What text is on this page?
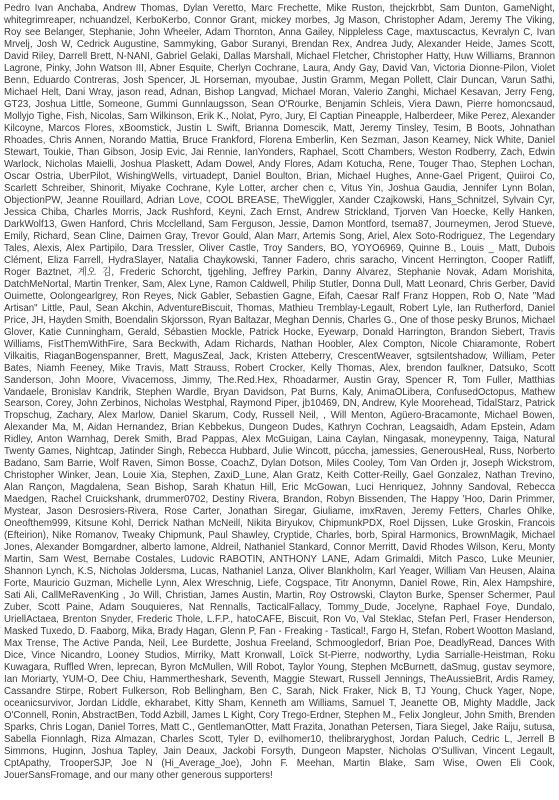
Pedro Ivan Anchaba, Andrew Thomas, Dylan Veretto, Marc Frechette, Mike Ruston, thejckrbbt, Sam Dunton, GameNight, whitegrimreaper, nchuandzel, KerboKerbo, Connor Grant, mickey morbes, Jg Mason, Christopher Adam, Jeremy The Viking, Roy see Belanger, Stephanie, John Wheeler, Adam Thornton, Anna Gailey, Nippleless Cage, maxtuscactus, Kevralyn C, Ivan Mrvelj, Josh W, Cedrick Augustine, Sammyking, Gabor Suranyi, Brendan Rex, Andrea Judy, Alexander Heide, James Scott, David Riley, Darrell Brett, N-NANI, Gabriel Gelaki, Dallas Marshall, Michael Fletcher, Christopher Hatty, Huw Williams, Brannon Lagrone, Pinky, John Watson III, Abner Esquite, Cherlyn Cochrane, Laura, Andy Gay, David Van, Victoria Dionne-Pilon, Violet Benn, Eduardo Contreras, Josh Spencer, JL Horseman, myoubae, Justin Gramm, Megan Pollett, Clair Duncan, Varun Sathi, Michael Helt, Dani Wray, jason read, Adnan, Bishop Langvad, Michael Moran, Valerio Zanghi, Michael Kesavan, Jerry Feng, GT23, Joshua Little, Someone, Gummi Gunnlaugsson, Sean O'Rourke, Benjamin Schleis, Viera Dawn, Pierre homoncsaud, Mollyjo Tighe, Fish, Nicolas, Sam Wilkinson, Erik K., Nolat, Pyro, Jury, El Captian Pineapple, Halberdeer, Mike Perez, Alexander Kilcoyne, Marcos Flores, xBoomstick, Justin L Swift, Brianna Domescik, Matt, Jeremy Tinsley, Tesim, B Boots, Johnathan Rhoades, Chris Annen, Norando Mattia, Bruce Frankford, Florena Emberlin, Ken Sezman, Jason Kearney, Nick White, Daniel Stewart, Toukie, Than Gibson, Josip Evic, Jai Rennie, IanYonders, Raphael, Scott Chambers, Weston Rodberry, Zach, Edwin Warlock, Nicholas Maielli, Joshua Plaskett, Adam Dowel, Andy Flores, Adam Kotucha, Rene, Touger Thao, Stephen Lochan, Oscar Ostria, UberPilot, WishingWells, virtuadept, Daniel Boulton, Brian, Michael Hughes, Anne-Gael Prigent, Quiiroi Co, Scarlett Schreiber, Shinorit, Miyake Cochrane, Kyle Lotter, archer chen c, Vitus Yin, Joshua Gaudia, Jennifer Lynn Bolan, ObjectionPW, Jeanne Rouillard, Adrian Love, COOL BREASE, TheWiggler, Xander Czajkowski, Hans_Schnitzel, Sylvain Cyr, Jessica Chiba, Charles Morris, Jack Rushford, Keyni, Zach Ernst, Andrew Strickland, Tjorven Van Hoecke, Kelly Hanken, DarkWolf13, Gwen Hanford, Chris Mcclelland, Sam Ferguson, Jessie, Damon Montford, tsema87, Journeymen, Jerod Stueve, Emily, Richard, Sean Cline, Daimen Gray, Trevor Gould, Alan Marr, Artemis Song, Ariel, Alex Soto-Rodriguez, The Legendary Tales, Alexis, Alex Partipilo, Dara Tressler, Oliver Castle, Troy Sanders, BO, YOYO6969, Quinne B., Louis _ Matt, Dubois Clément, Eliza Farrell, HydraSlayer, Natalia Chaykowski, Tanner Fadero, chris saracho, Vincent Herrington, Cooper Ratliff, Roger Baztnet, 계오 김, Frederic Schorcht, tjgehling, Jeffrey Parkin, Danny Alvarez, Stephanie Novak, Adam Morishita, DatchMeNortal, Martin Trenker, Sam, Alex Lyne, Ramon Caldwell, Philip Stutler, Donna Dull, Matt Leonard, Chris Gerber, David Ouimette, Oolongearlgrey, Ron Reyes, Nick Gabler, Sebastien Gagne, Eifah, Caesar Ralf Franz Hoppen, Rob O, Nate "Mad Artisan" Little, Paul, Sean Akchin, AdventureBiscuit, Thomas, Mathieu Tremblay-Legault, Robert Lyle, Ian Rutherford, Daniel Price, JH, Hayden Smith, Boendalin Skjorsson, Ryan Baltazar, Meghan Dennis, Charles G., One of those pesky Brunos, Michael Glover, Katie Cunningham, Gerald, Sébastien Mockle, Patrick Hocke, Eyewarp, Donald Harrington, Brandon Siebert, Travis Williams, FistThemWithFire, Sara Beckwith, Adam Richards, Nathan Hoobler, Alex Compton, Nicole Chiaramonte, Robert Vilkaitis, RiaganBogenspanner, Brett, MagusZeal, Jack, Kristen Atteberry, CrescentWeaver, sgtsilentshadow, William, Peter Bates, Niamh Feeney, Mike Travis, Matt Strauss, Robert Crocker, Kelly Thomas, Alex, brendon faulkner, Datsuko, Scott Sanderson, John Moore, Vivacemoss, Jimmy, The.Red.Hex, Rhoadarmer, Austin Gray, Spencer R, Tom Fuller, Matthias Vandaele, Bronislav Kandrik, Stephen Wardle, Bryan Davidson, Pat Burns, Kaly, AnimaOLibera, ConfusedOctopus, Mathew Searson, Corey, John Zerbinos, Nicholas Westphal, Raymond Piper, jb10469, DN, Andrew, Kyle Moorehead, TidalStarz, Patrick Tropschug, Zachary, Alex Marlow, Daniel Skarum, Cody, Russell Neil, , Will Menton, Agüero-Bracamonte, Michael Bowen, Alexander Ma, M, Aidan Hernandez, Brian Kebbekus, Dungeon Dudes, Kathryn Cochran, Leagsaidh, Adam Epstein, Adam Ridley, Anton Warnhag, Derek Smith, Brad Pappas, Alex McGuigan, Laina Caylan, Ningasak, moneypenny, Taiga, Natural Twenty Games, Nightcap, Jatinder Singh, Rebecca Hubbard, Julie Wincott, púccha, jamessies, GenerousHeal, Russ, Norberto Badano, Sam Barrie, Wolf Raven, Simon Bosse, CoachZ, Dylan Dotson, Miles Cooley, Tom Van Orden jr, Joseph Wickstrom, Christopher Winker, Jean, Louie Xia, Stephen, ZaxiD_Lune, Alan Gratz, Keith Cotter-Reilly, Gael Gonzalez, Nathan Trevino, Alan Rançon, Magdalena, Sean Bishop, Sarah Khatun Hill, Eric McGowan, Luci Henriquez, Johnny Sandoval, Rebecca Maedgen, Rachel Cruickshank, drummer0702, Destiny Rivera, Brandon, Robyn Bissenden, The Happy 'Hoo, Darin Primmer, Mystear, Jason Desrosiers-Rivera, Rose Carter, Jonathan Siregar, Giuliame, imxRaven, Jeremy Fetters, Charles Ohlke, Oneofthem999, Kitsune Kohl, Derrick Nathan McNeill, Nikita Biryukov, ChipmunkPDX, Roel Dijssen, Luke Groskin, Francois (Efteirion), Nike Romanov, Tweaky Chipmunk, Paul Shawley, Cryptide, Charles, borb, Spiral Harmonics, BrownMagik, Michael Jones, Alexander Bomgardner, alberto lamone, Aldreil, Nathaniel Stankard, Connor Merritt, David Rhodes Wilson, Keru, Monty Martin, Sam West, Bernabe Costales, Ludovic RABOTIN, ANTHONY LANE, Adam Grimaldi, Mitch Pasco, Luke Meunier, Shannon Lynch, K.S, Nicholas Joldersma, Lucas, Nathaniel Lanza, Oliver Blankholm, Karl Yeager, William Van Heusen, Alaina Forte, Mauricio Guzman, Michelle Lynn, Alex Wreschnig, Liefe, Cogspace, Titr Anonymn, Daniel Rowe, Rin, Alex Hampshire, Sati Ali, CallMeRavenKing , Jo Will, Christian, James Austin, Martin, Roy Ostrowski, Clayton Burke, Spenser Schermer, Paul Zuber, Scott Paine, Adam Souquieres, Nat Rennalls, TacticalFallacy, Tommy_Dude, Jocelyne, Raphael Foye, Dundalo, UriellActaea, Brenton Snyder, Frederic Thole, L.F.P., hatoCAFE, Biscuit, Ron Vo, Val Steklac, Stefan Perl, Fraser Henderson, Masked Tuxedo, D. Faaborg, Mika, Brady Hagan, Glenn P, Fan - Freaking - Tastical!, Fargo H, Stefan, Robert Wootton Masland, Max Trense, The Active Panda, Neil, Lee Burdette, Joshua Freeland, Schmoogledorf, Brian Poe, DeadlyRead, Dances With Dice, Vince Nicandro, Looney Studios, Mirriky, Matt Kronwall, Loïck St-Pierre, nodworthy, Lydia Sarrialle-Heistman, Roku Kuwagara, Ruffled Wren, leprecan, Byron McMullen, Will Robot, Taylor Young, Stephen McBurnett, daSmug, gustav seymore, Ian Moriarty, YUM-O, Dee Chiu, Hammertheshark, Seventh, Maggie Stewart, Russell Jennings, TheAussieBrit, Ardis Ramey, Cassandre Stirpe, Robert Fulkerson, Rob Bellingham, Ben C, Sarah, Nick Fraker, Nick B, TJ Young, Chuck Yager, Nope, oceanicsurvivor, Jordan Liddle, ekharabet, Kitty Sham, Kenneth am Williams, Samuel T, Jeanette OB, Mighty Maddle, Jack O'Connell, Ronin, AbstractBen, Todd Azbill, James L Kight, Cory Trego-Erdner, Stephen M., Felix Jongleur, John Smith, Brenden Sparks, Chris Logan, Daniel Torres, Matt C., GentlemanOtter, Matt Frazita, Jonathan Petersen, Tiara Siegel, Jake Raiju, sutusa, Sabella Fionnlagh, Riza Almazan, Charles Scott, Tyler D, evilhomer10, thelibraryghost, Jordan Paluch, Cedric L, Jerrell B Simmons, Huginn, Joshua Tapley, Jain Deaux, Jackobi Forsyth, Dungeon Mapster, Nicholas O'Sullivan, Vincent Legault, CptApathy, TrooperSJP, Joe N (Hi_Average_Joe), John F. Meehan, Martin Blake, Sam Wise, Owen Eli Cook, JouerSansFromage, and our many other generous supporters!
